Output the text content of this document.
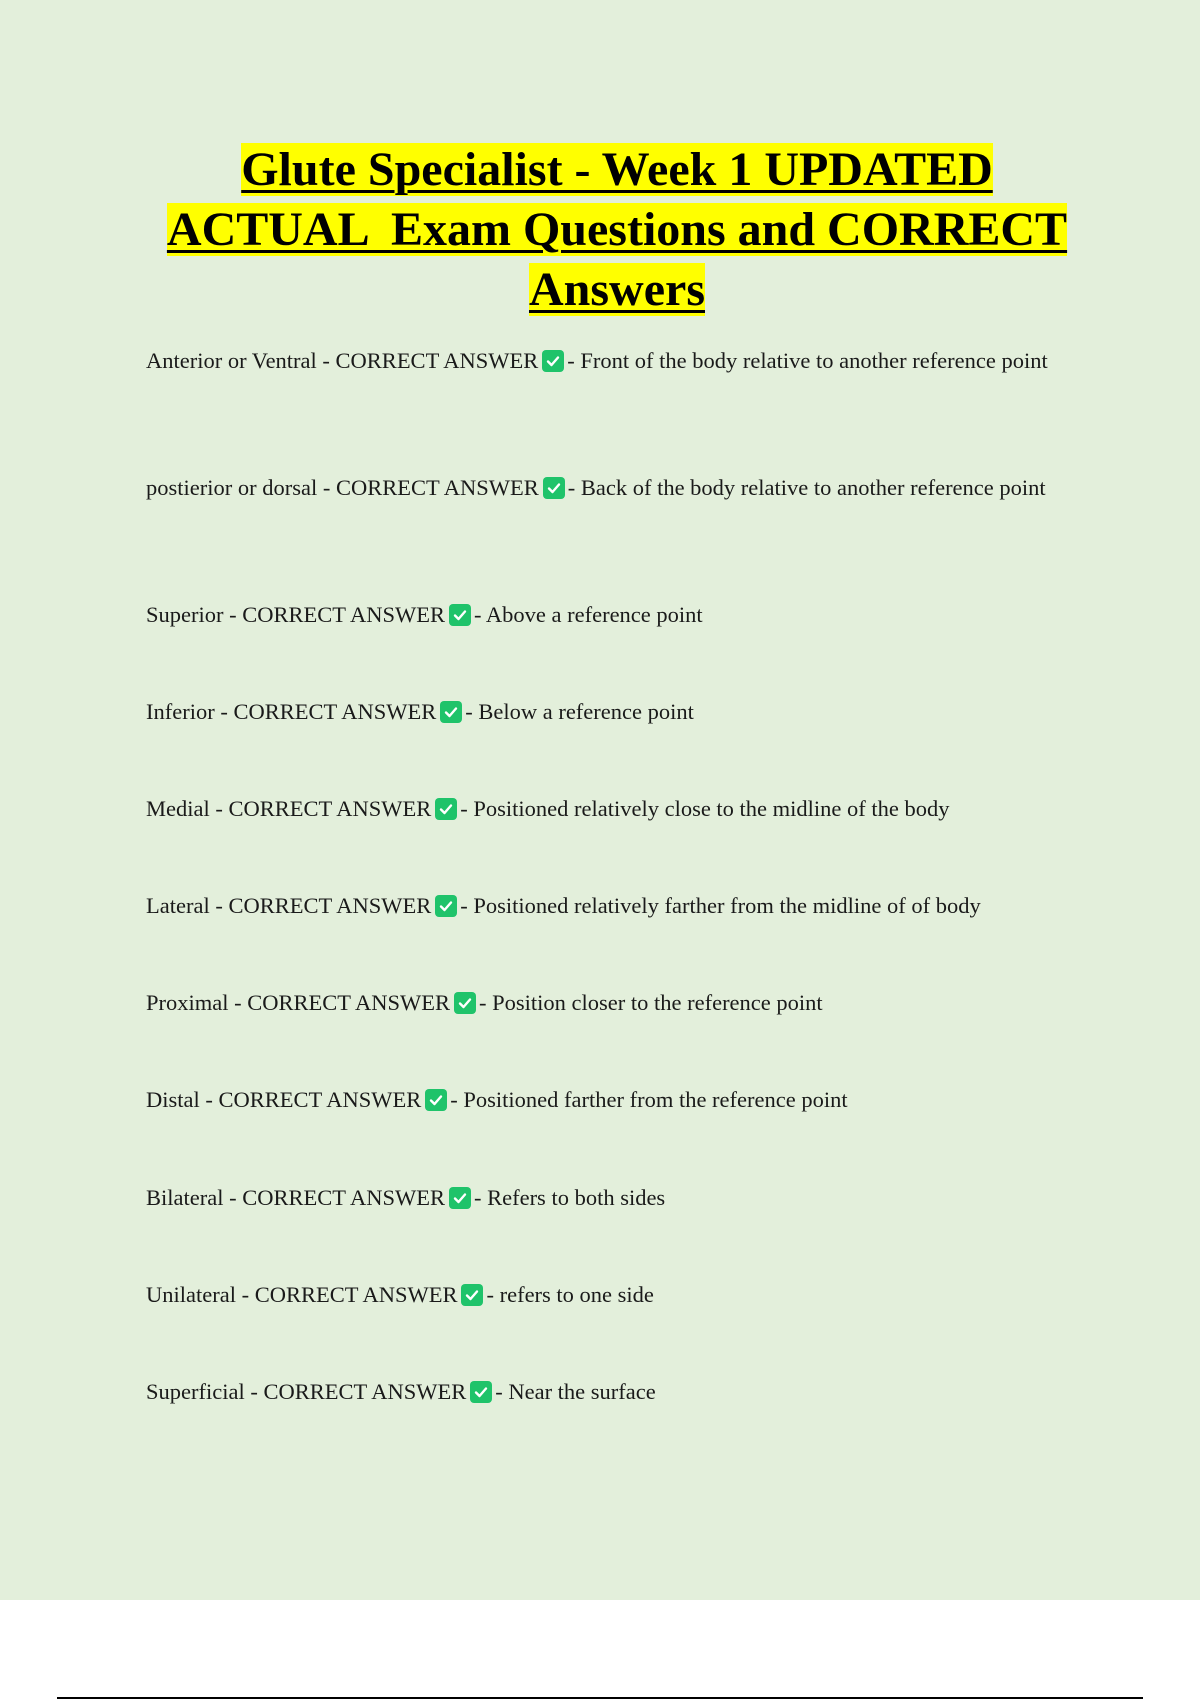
Glute Specialist - Week 1 UPDATED
ACTUAL  Exam Questions and CORRECT
Answers

Anterior or Ventral - CORRECT ANSWER - Front of the body relative to another reference point

postierior or dorsal - CORRECT ANSWER - Back of the body relative to another reference point

Superior - CORRECT ANSWER - Above a reference point

Inferior - CORRECT ANSWER - Below a reference point

Medial - CORRECT ANSWER - Positioned relatively close to the midline of the body

Lateral - CORRECT ANSWER - Positioned relatively farther from the midline of of body

Proximal - CORRECT ANSWER - Position closer to the reference point

Distal - CORRECT ANSWER - Positioned farther from the reference point

Bilateral - CORRECT ANSWER - Refers to both sides

Unilateral - CORRECT ANSWER - refers to one side

Superficial - CORRECT ANSWER - Near the surface
